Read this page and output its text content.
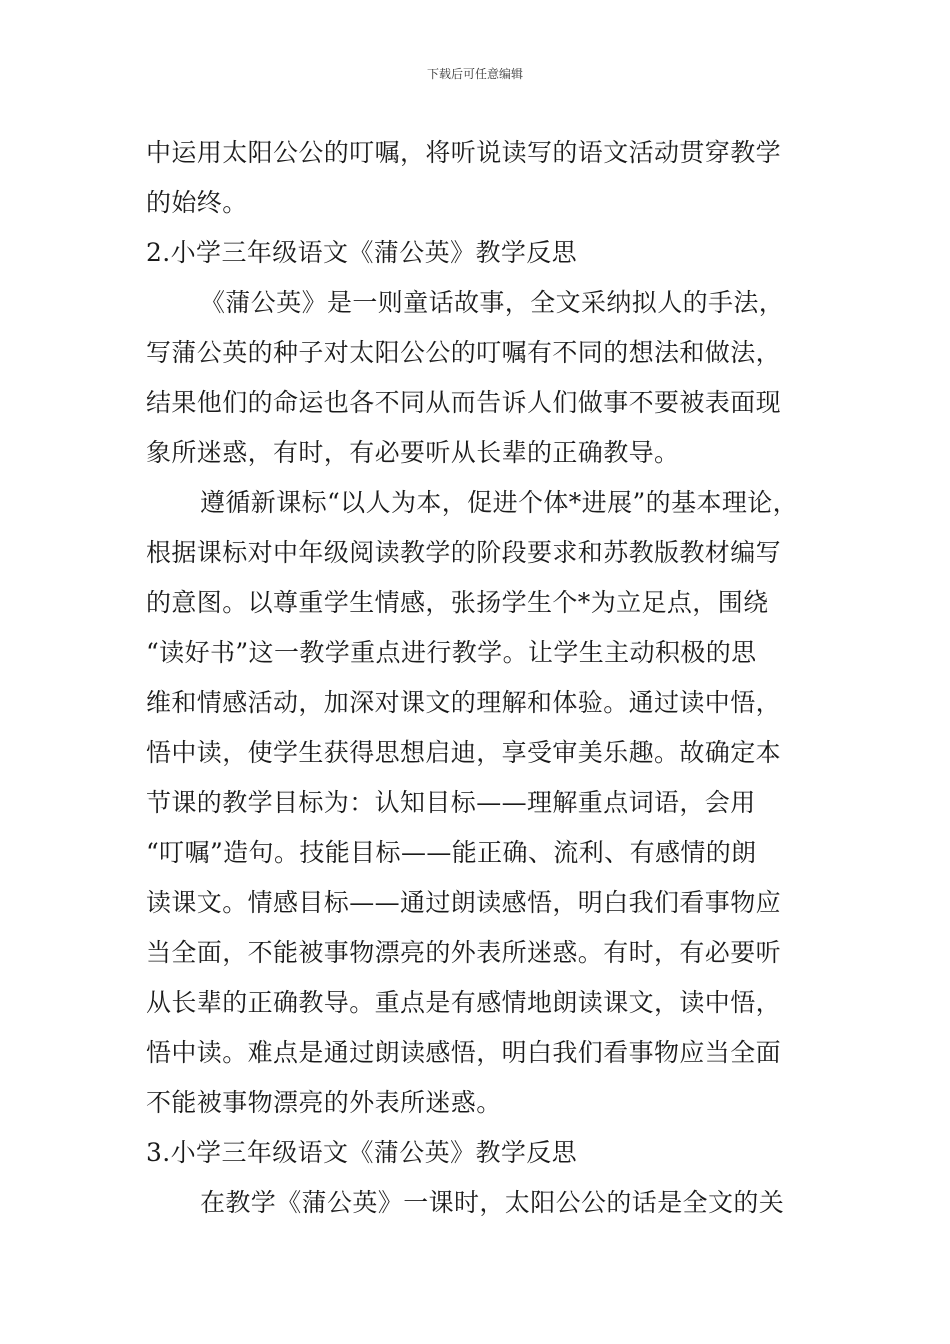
下载后可任意编辑
中运用太阳公公的叮嘱，将听说读写的语文活动贯穿教学
的始终。
2.小学三年级语文《蒲公英》教学反思
《蒲公英》是一则童话故事，全文采纳拟人的手法，
写蒲公英的种子对太阳公公的叮嘱有不同的想法和做法，
结果他们的命运也各不同从而告诉人们做事不要被表面现
象所迷惑，有时，有必要听从长辈的正确教导。
遵循新课标“以人为本，促进个体*进展”的基本理论，
根据课标对中年级阅读教学的阶段要求和苏教版教材编写
的意图。以尊重学生情感，张扬学生个*为立足点，围绕
“读好书”这一教学重点进行教学。让学生主动积极的思
维和情感活动，加深对课文的理解和体验。通过读中悟，
悟中读，使学生获得思想启迪，享受审美乐趣。故确定本
节课的教学目标为：认知目标——理解重点词语，会用
“叮嘱”造句。技能目标——能正确、流利、有感情的朗
读课文。情感目标——通过朗读感悟，明白我们看事物应
当全面，不能被事物漂亮的外表所迷惑。有时，有必要听
从长辈的正确教导。重点是有感情地朗读课文，读中悟，
悟中读。难点是通过朗读感悟，明白我们看事物应当全面
不能被事物漂亮的外表所迷惑。
3.小学三年级语文《蒲公英》教学反思
在教学《蒲公英》一课时，太阳公公的话是全文的关
